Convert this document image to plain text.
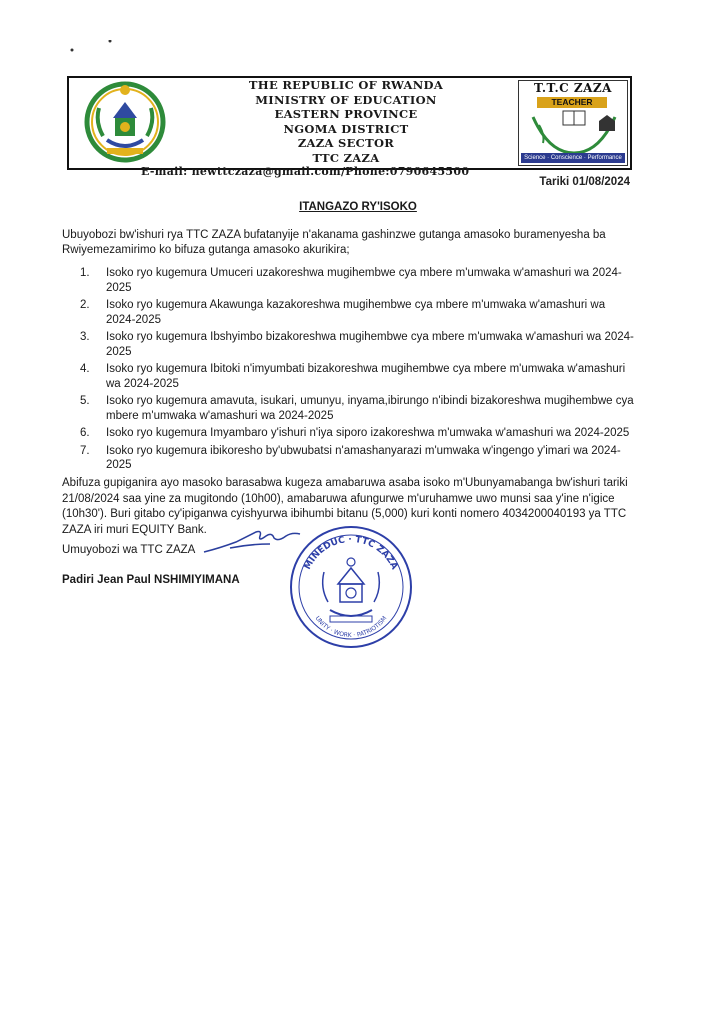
THE REPUBLIC OF RWANDA
MINISTRY OF EDUCATION
EASTERN PROVINCE
NGOMA DISTRICT
ZAZA SECTOR
TTC ZAZA
E-mail: newttczaza@gmail.com/Phone:0790645500
T.T.C ZAZA
TEACHER
Science · Conscience · Performance
Tariki 01/08/2024
ITANGAZO RY'ISOKO
Ubuyobozi bw'ishuri rya TTC ZAZA bufatanyije n'akanama gashinzwe gutanga amasoko buramenyesha ba Rwiyemezamirimo ko bifuza gutanga amasoko akurikira;
1. Isoko ryo kugemura Umuceri uzakoreshwa mugihembwe cya mbere m'umwaka w'amashuri wa 2024-2025
2. Isoko ryo kugemura Akawunga kazakoreshwa mugihembwe cya mbere m'umwaka w'amashuri wa 2024-2025
3. Isoko ryo kugemura Ibshyimbo bizakoreshwa mugihembwe cya mbere m'umwaka w'amashuri wa 2024-2025
4. Isoko ryo kugemura Ibitoki n'imyumbati bizakoreshwa mugihembwe cya mbere m'umwaka w'amashuri wa 2024-2025
5. Isoko ryo kugemura amavuta, isukari, umunyu, inyama,ibirungo n'ibindi bizakoreshwa mugihembwe cya mbere m'umwaka w'amashuri wa 2024-2025
6. Isoko ryo kugemura Imyambaro y'ishuri n'iya siporo izakoreshwa m'umwaka w'amashuri wa 2024-2025
7. Isoko ryo kugemura ibikoresho by'ubwubatsi n'amashanyarazi m'umwaka w'ingengo y'imari wa 2024-2025
Abifuza gupiganira ayo masoko barasabwa kugeza amabaruwa asaba isoko m'Ubunyamabanga bw'ishuri tariki 21/08/2024 saa yine za mugitondo (10h00), amabaruwa afungurwe m'uruhamwe uwo munsi saa y'ine n'igice (10h30'). Buri gitabo cy'ipiganwa cyishyurwa ibihumbi bitanu (5,000) kuri konti nomero 4034200040193 ya TTC ZAZA iri muri EQUITY Bank.
Umuyobozi wa TTC ZAZA
Padiri Jean Paul NSHIMIYIMANA
MINEDUC · TTC ZAZA
UNITY · WORK · PATRIOTISM
